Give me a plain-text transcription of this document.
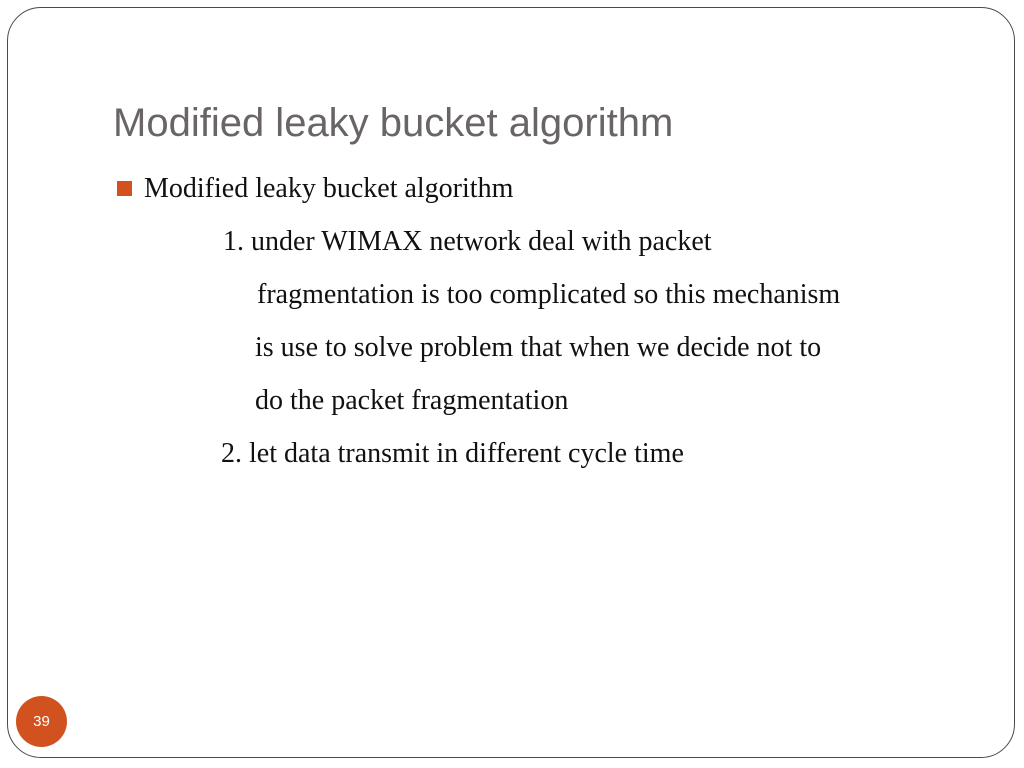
Modified leaky bucket algorithm
Modified leaky bucket algorithm
1. under WIMAX network deal with packet
fragmentation is too complicated so this mechanism
is use to solve problem that when we decide not to
do the packet fragmentation
2. let data transmit in different cycle time
39
